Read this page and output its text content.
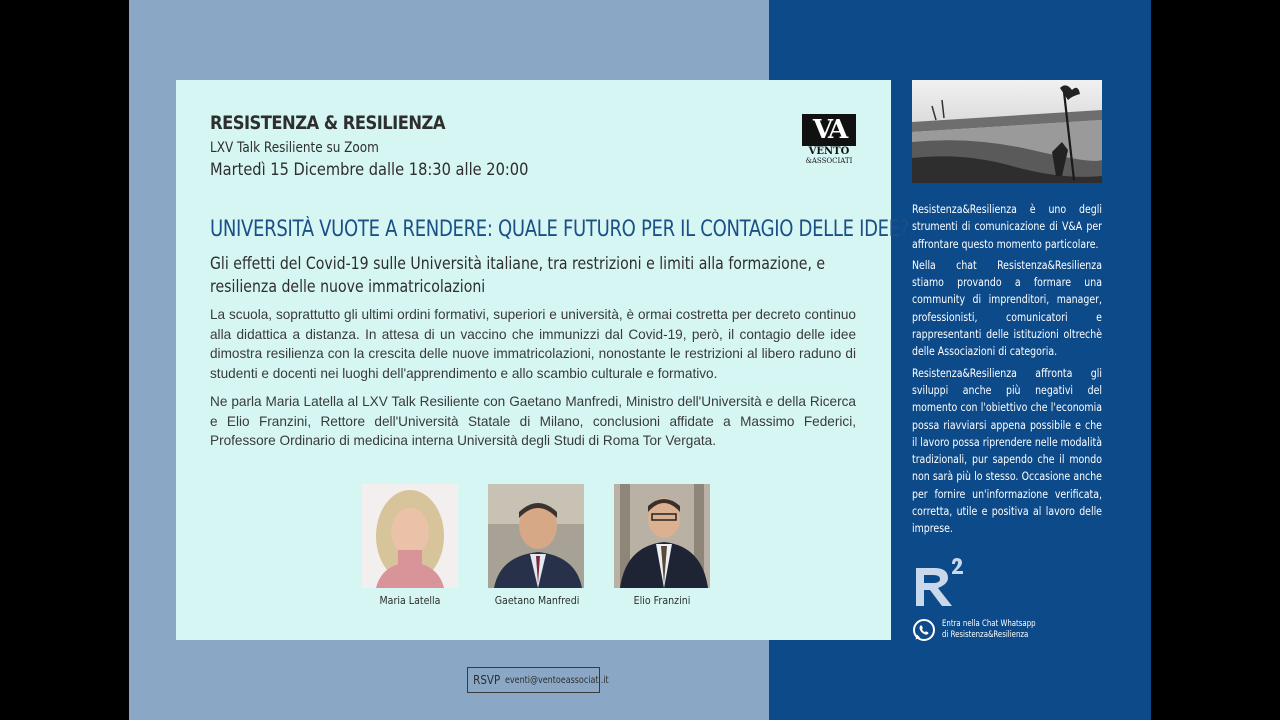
RESISTENZA & RESILIENZA
LXV Talk Resiliente su Zoom
Martedì 15 Dicembre dalle 18:30 alle 20:00
VA
VENTO
&ASSOCIATI
UNIVERSITÀ VUOTE A RENDERE: QUALE FUTURO PER IL CONTAGIO DELLE IDEE?
Gli effetti del Covid-19 sulle Università italiane, tra restrizioni e limiti alla formazione, e resilienza delle nuove immatricolazioni

La scuola, soprattutto gli ultimi ordini formativi, superiori e università, è ormai costretta per decreto continuo alla didattica a distanza. In attesa di un vaccino che immunizzi dal Covid-19, però, il contagio delle idee dimostra resilienza con la crescita delle nuove immatricolazioni, nonostante le restrizioni al libero raduno di studenti e docenti nei luoghi dell'apprendimento e allo scambio culturale e formativo.

Ne parla Maria Latella al LXV Talk Resiliente con Gaetano Manfredi, Ministro dell'Università e della Ricerca e Elio Franzini, Rettore dell'Università Statale di Milano, conclusioni affidate a Massimo Federici, Professore Ordinario di medicina interna Università degli Studi di Roma Tor Vergata.

Maria Latella	Gaetano Manfredi	Elio Franzini
RSVP eventi@ventoeassociati.it

Resistenza&Resilienza è uno degli strumenti di comunicazione di V&A per affrontare questo momento particolare.

Nella chat Resistenza&Resilienza stiamo provando a formare una community di imprenditori, manager, professionisti, comunicatori e rappresentanti delle istituzioni oltrechè delle Associazioni di categoria.

Resistenza&Resilienza affronta gli sviluppi anche più negativi del momento con l'obiettivo che l'economia possa riavviarsi appena possibile e che il lavoro possa riprendere nelle modalità tradizionali, pur sapendo che il mondo non sarà più lo stesso. Occasione anche per fornire un'informazione verificata, corretta, utile e positiva al lavoro delle imprese.

Entra nella Chat Whatsapp
di Resistenza&Resilienza
